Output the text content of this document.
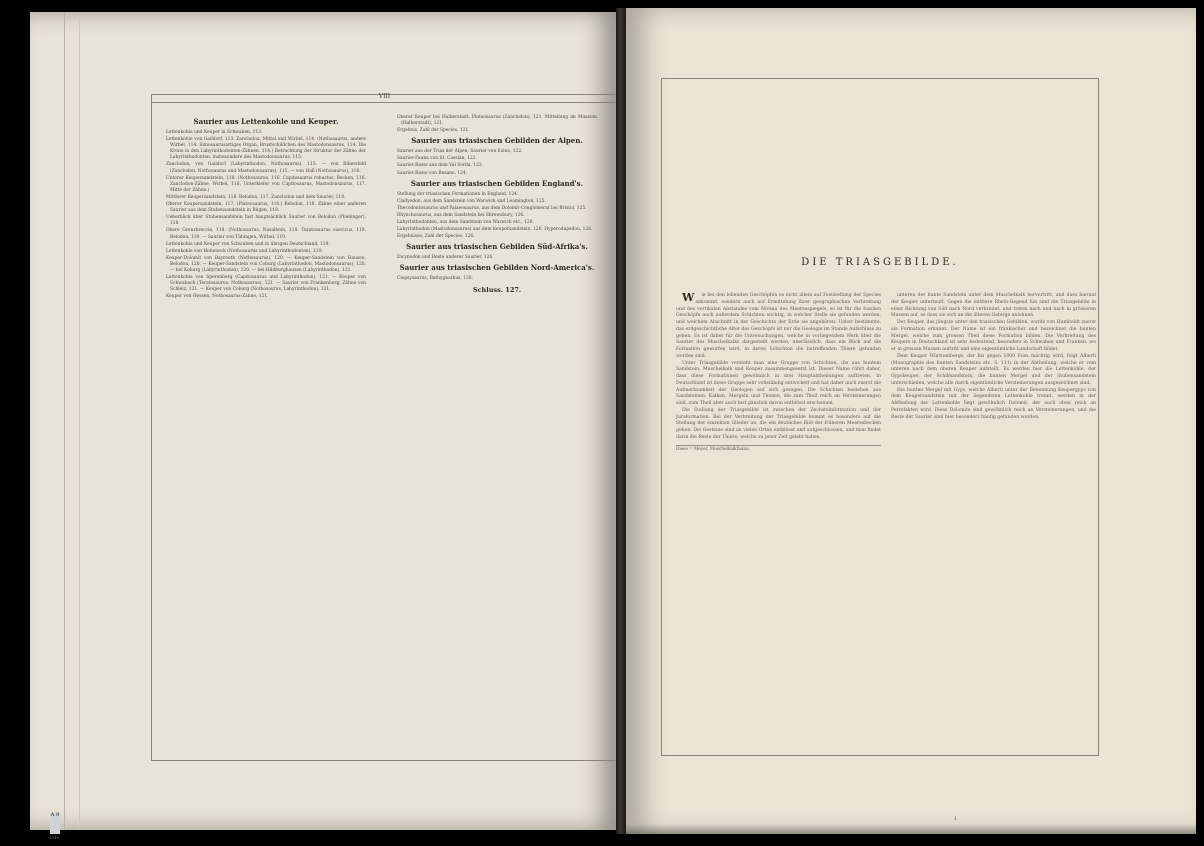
VIII
Saurier aus Lettenkohle und Keuper.
Lettenkohle und Keuper in Schwaben, 113.
Lettenkohle von Gaildorf, 113. Zanclodon, Mittel und Wirbel, 114. (Nothosaurus, andere Wirbel, 114. Simosaurusartiges Organ, Brustschildchen des Mastodonsaurus, 114. Die Krone in den Labyrinthodonten-Zähnen, 114.) Betrachtung der Struktur der Zähne der Labyrinthodonten, insbesondere des Mastodonsaurus, 115.
Zanclodon, von Gaildorf (Labyrinthodon, Nothosaurus), 115. — von Bibersfeld (Zanclodon, Nothosaurus und Mastodonsaurus), 115. — von Hall (Nothosaurus), 116.
Unterer Keupersandstein, 116. (Nothosaurus, 116. Capitosaurus robustus, Becken, 116. Zanclodon-Zähne, Wirbel, 116. Unterkiefer von Capitosaurus, Mastodonsaurus, 117. Mitte der Zähne.)
Mittlerer Keupersandstein, 118. Belodon, 117. Zanclodon und dem Saurier, 118.
Oberer Keupersandstein, 117. (Plateosaurus, 118.) Belodon, 118. Zähne einer anderen Saurier aus dem Stubensandstein in Rügen, 118.
Ueberblick über Stubensandstein fast hauptsächlich Saurier von Belodon (Plieninger), 118.
Obere Grenzbreccie, 118. (Nothosaurus, Nasalbein, 118. Teratosaurus suevicus, 119. Belodon, 119. — Saurier von Tübingen, Wirbel, 119.
Lettenkohle und Keuper von Schwaben und in übrigen Deutschland, 119.
Lettenkohle von Hoheneck (Nothosaurus und Labyrinthodonten), 119.
Keuper-Dolomit von Bayreuth (Nothosaurus), 120. — Keuper-Sandstein von Hausen, Belodon, 120. — Keuper-Sandstein von Coburg (Labyrinthodon, Mastodonsaurus), 120. — bei Koburg (Labyrinthodon), 120. — bei Hildburghausen (Labyrinthodon), 121.
Lettenkohle von Sperenberg (Capitosaurus und Labyrinthodon), 121. — Keuper von Schwabach (Teratosaurus, Nothosaurus), 121. — Saurier von Frankenberg, Zähne von Schleiz, 121. — Keuper von Coburg (Nothosaurus, Labyrinthodon), 121.
Keuper von Hessen, Nothosaurus-Zähne, 121.
Oberer Keuper bei Halberstadt, Plateosaurus (Zanclodon), 121. Mitteilung im Museum (Halberstadt), 121.
Ergebnis, Zahl der Species, 121.
Saurier aus triasischen Gebilden der Alpen.
Saurier aus der Trias der Alpen, Saurier von Esino, 122.
Saurier-Fauna von St. Cassian, 122.
Saurier-Reste aus dem Val Sorda, 123.
Saurier-Reste von Besano, 124.
Saurier aus triasischen Gebilden England's.
Stellung der triasischen Formationen in England, 124.
Cladyodon, aus dem Sandstein von Warwick und Leamington, 125.
Thecodontosaurus und Palaeosaurus, aus dem Dolomit-Conglomerat bei Bristol, 125.
Rhynchosaurus, aus dem Sandstein bei Shrewsbury, 126.
Labyrinthodonten, aus dem Sandstein von Warwick etc., 126.
Labyrinthodon (Mastodonsaurus) aus dem Keupersandstein, 126. Hyperodapedon, 126.
Ergebnisse, Zahl der Species, 126.
Saurier aus triasischen Gebilden Süd-Afrika's.
Dicynodon und Reste anderer Saurier, 126.
Saurier aus triasischen Gebilden Nord-America's.
Clepsysaurus, Bathygnathus, 126.
Schluss. 127.
A 9
1340
DIE TRIASGEBILDE.

Wie bei den lebenden Geschöpfen es nicht allein auf Feststellung der Species ankommt, sondern auch auf Ermittelung ihrer geographischen Verbreitung und des vertikalen Abstandes vom Niveau des Meeresspiegels, so ist für die fossilen Geschöpfe auch außerdem Schichten wichtig, in welcher Stelle sie gefunden werden, und welchem Abschnitt in der Geschichte der Erde sie angehören. Ueber bestimmte, das erdgeschichtliche Alter des Geschöpfs ist nur die Geologie im Stande Aufschluss zu geben. Es ist daher für die Untersuchungen, welche in vorliegendem Werk über die Saurier des Muschelkalks dargestellt werden, unerlässlich, dass ein Blick auf die Formation geworfen wird, in deren Schichten die betreffenden Thiere gefunden worden sind.

Unter Triasgebilde versteht man eine Gruppe von Schichten, die aus buntem Sandstein, Muschelkalk und Keuper zusammengesetzt ist. Dieser Name rührt daher, dass diese Formationen gewöhnlich in drei Hauptabtheilungen auftreten. In Deutschland ist diese Gruppe sehr vollständig entwickelt und hat daher auch zuerst die Aufmerksamkeit der Geologen auf sich gezogen. Die Schichten bestehen aus Sandsteinen, Kalken, Mergeln und Thonen, die zum Theil reich an Versteinerungen sind, zum Theil aber auch fast gänzlich davon entblösst erscheinen.

Die Stellung der Triasgebilde ist zwischen der Zechsteinformation und der Juraformation. Bei der Verbreitung der Triasgebilde kommt es besonders auf die Stellung der einzelnen Glieder an, die ein deutliches Bild der früheren Meeresbecken geben. Die Gesteine sind an vielen Orten entblösst und aufgeschlossen, und man findet darin die Reste der Thiere, welche zu jener Zeit gelebt haben.

Diese = Meyer, Muschelkalkfauna.

unteren der bunte Sandstein unter dem Muschelkalk hervortritt, und dass hierauf der Keuper unterteuft. Gegen die mittlere Rhein-Gegend hin sind die Triasgebilde in einer Richtung von Süd nach Nord verbreitet, und treten nach und nach in grösseren Massen auf, so dass sie sich an die älteren Gebirge anlehnen.

Der Keuper, das jüngste unter den triasischen Gebilden, wurde von Humboldt zuerst als Formation erkannt. Der Name ist ein fränkischer und bezeichnet die bunten Mergel, welche zum grossen Theil diese Formation bilden. Die Verbreitung des Keupers in Deutschland ist sehr bedeutend, besonders in Schwaben und Franken, wo er in grossen Massen auftritt und eine eigentümliche Landschaft bildet.

Dem Keuper Württembergs, der bis gegen 1000 Fuss mächtig wird, folgt Alberti (Monographie des bunten Sandsteins etc. S. 111) in der Abtheilung, welche er vom unteren nach dem oberen Keuper aufstellt. Es werden hier die Lettenkohle, der Gypskeuper, der Schilfsandstein, die bunten Mergel und der Stubensandstein unterschieden, welche alle durch eigentümliche Versteinerungen ausgezeichnet sind.

Die bunten Mergel mit Gyps, welche Alberti unter der Benennung Keupergyps von dem Keupersandstein mit der liegendsten Lettenkohle trennt, werden in der Abtheilung der Lettenkohle liegt gewöhnlich Dolomit, der auch oben reich an Petrefakten wird. Diese Dolomite sind gewöhnlich reich an Versteinerungen, und die Reste der Saurier sind hier besonders häufig gefunden worden.

1
